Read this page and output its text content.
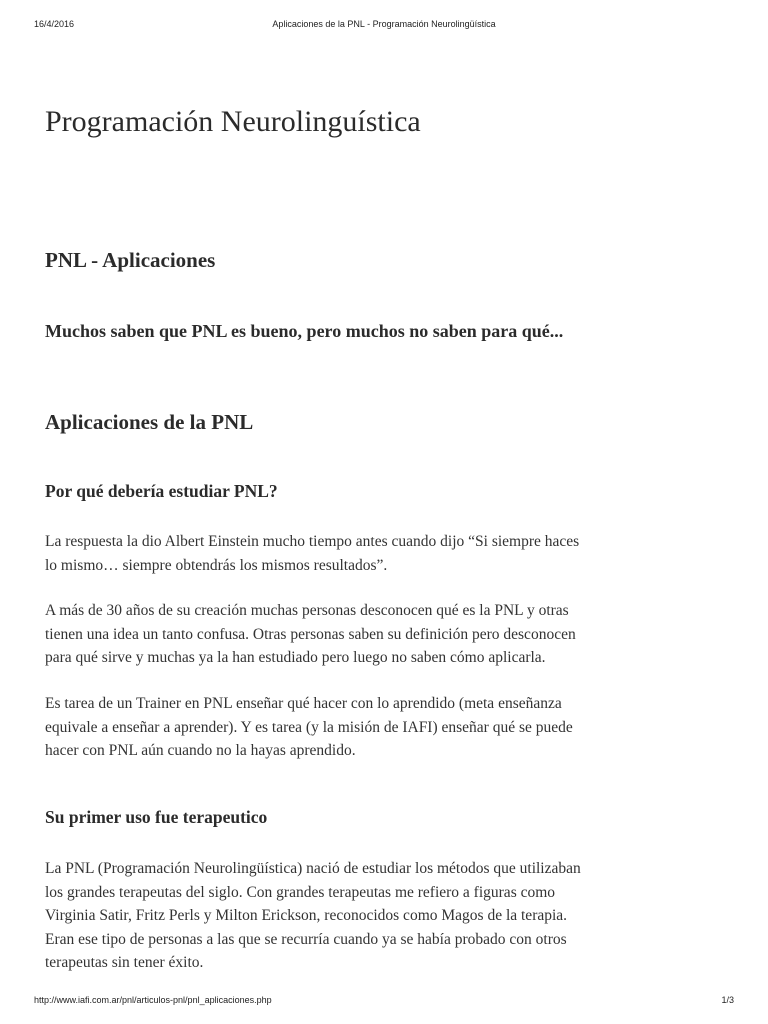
16/4/2016	Aplicaciones de la PNL - Programación Neurolingüística
Programación Neurolinguística
PNL - Aplicaciones

Muchos saben que PNL es bueno, pero muchos no saben para qué...

Aplicaciones de la PNL
Por qué debería estudiar PNL?

La respuesta la dio Albert Einstein mucho tiempo antes cuando dijo “Si siempre haces
lo mismo… siempre obtendrás los mismos resultados”.

A más de 30 años de su creación muchas personas desconocen qué es la PNL y otras
tienen una idea un tanto confusa. Otras personas saben su definición pero desconocen
para qué sirve y muchas ya la han estudiado pero luego no saben cómo aplicarla.

Es tarea de un Trainer en PNL enseñar qué hacer con lo aprendido (meta enseñanza
equivale a enseñar a aprender). Y es tarea (y la misión de IAFI) enseñar qué se puede
hacer con PNL aún cuando no la hayas aprendido.

Su primer uso fue terapeutico

La PNL (Programación Neurolingüística) nació de estudiar los métodos que utilizaban
los grandes terapeutas del siglo. Con grandes terapeutas me refiero a figuras como
Virginia Satir, Fritz Perls y Milton Erickson, reconocidos como Magos de la terapia.
Eran ese tipo de personas a las que se recurría cuando ya se había probado con otros
terapeutas sin tener éxito.

http://www.iafi.com.ar/pnl/articulos-pnl/pnl_aplicaciones.php	1/3
